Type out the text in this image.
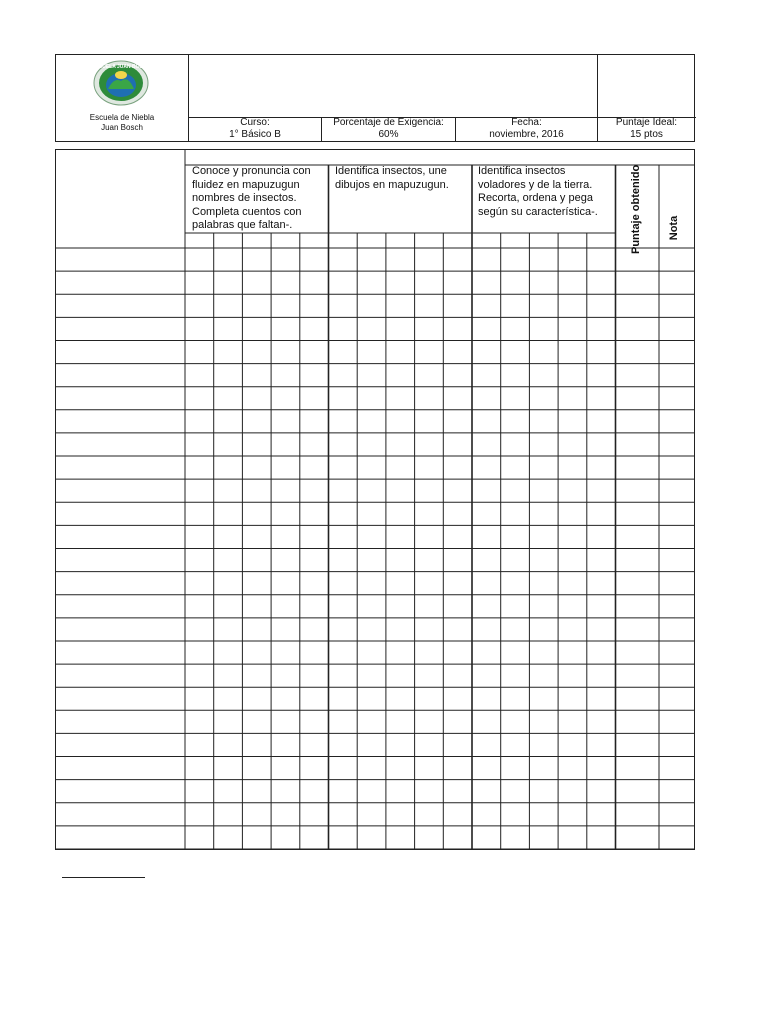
ESCUELA JUAN BOSCH
Escuela de Niebla
Juan Bosch	Curso:
1° Básico B
Porcentaje de Exigencia:
60%
Fecha:
noviembre, 2016
Puntaje Ideal:
15 ptos
Conoce y pronuncia con fluidez en mapuzugun nombres de insectos. Completa cuentos con palabras que faltan-.
Identifica insectos, une dibujos en mapuzugun.
Identifica insectos voladores y de la tierra. Recorta, ordena y pega según su característica-.	Puntaje obtenido Nota
